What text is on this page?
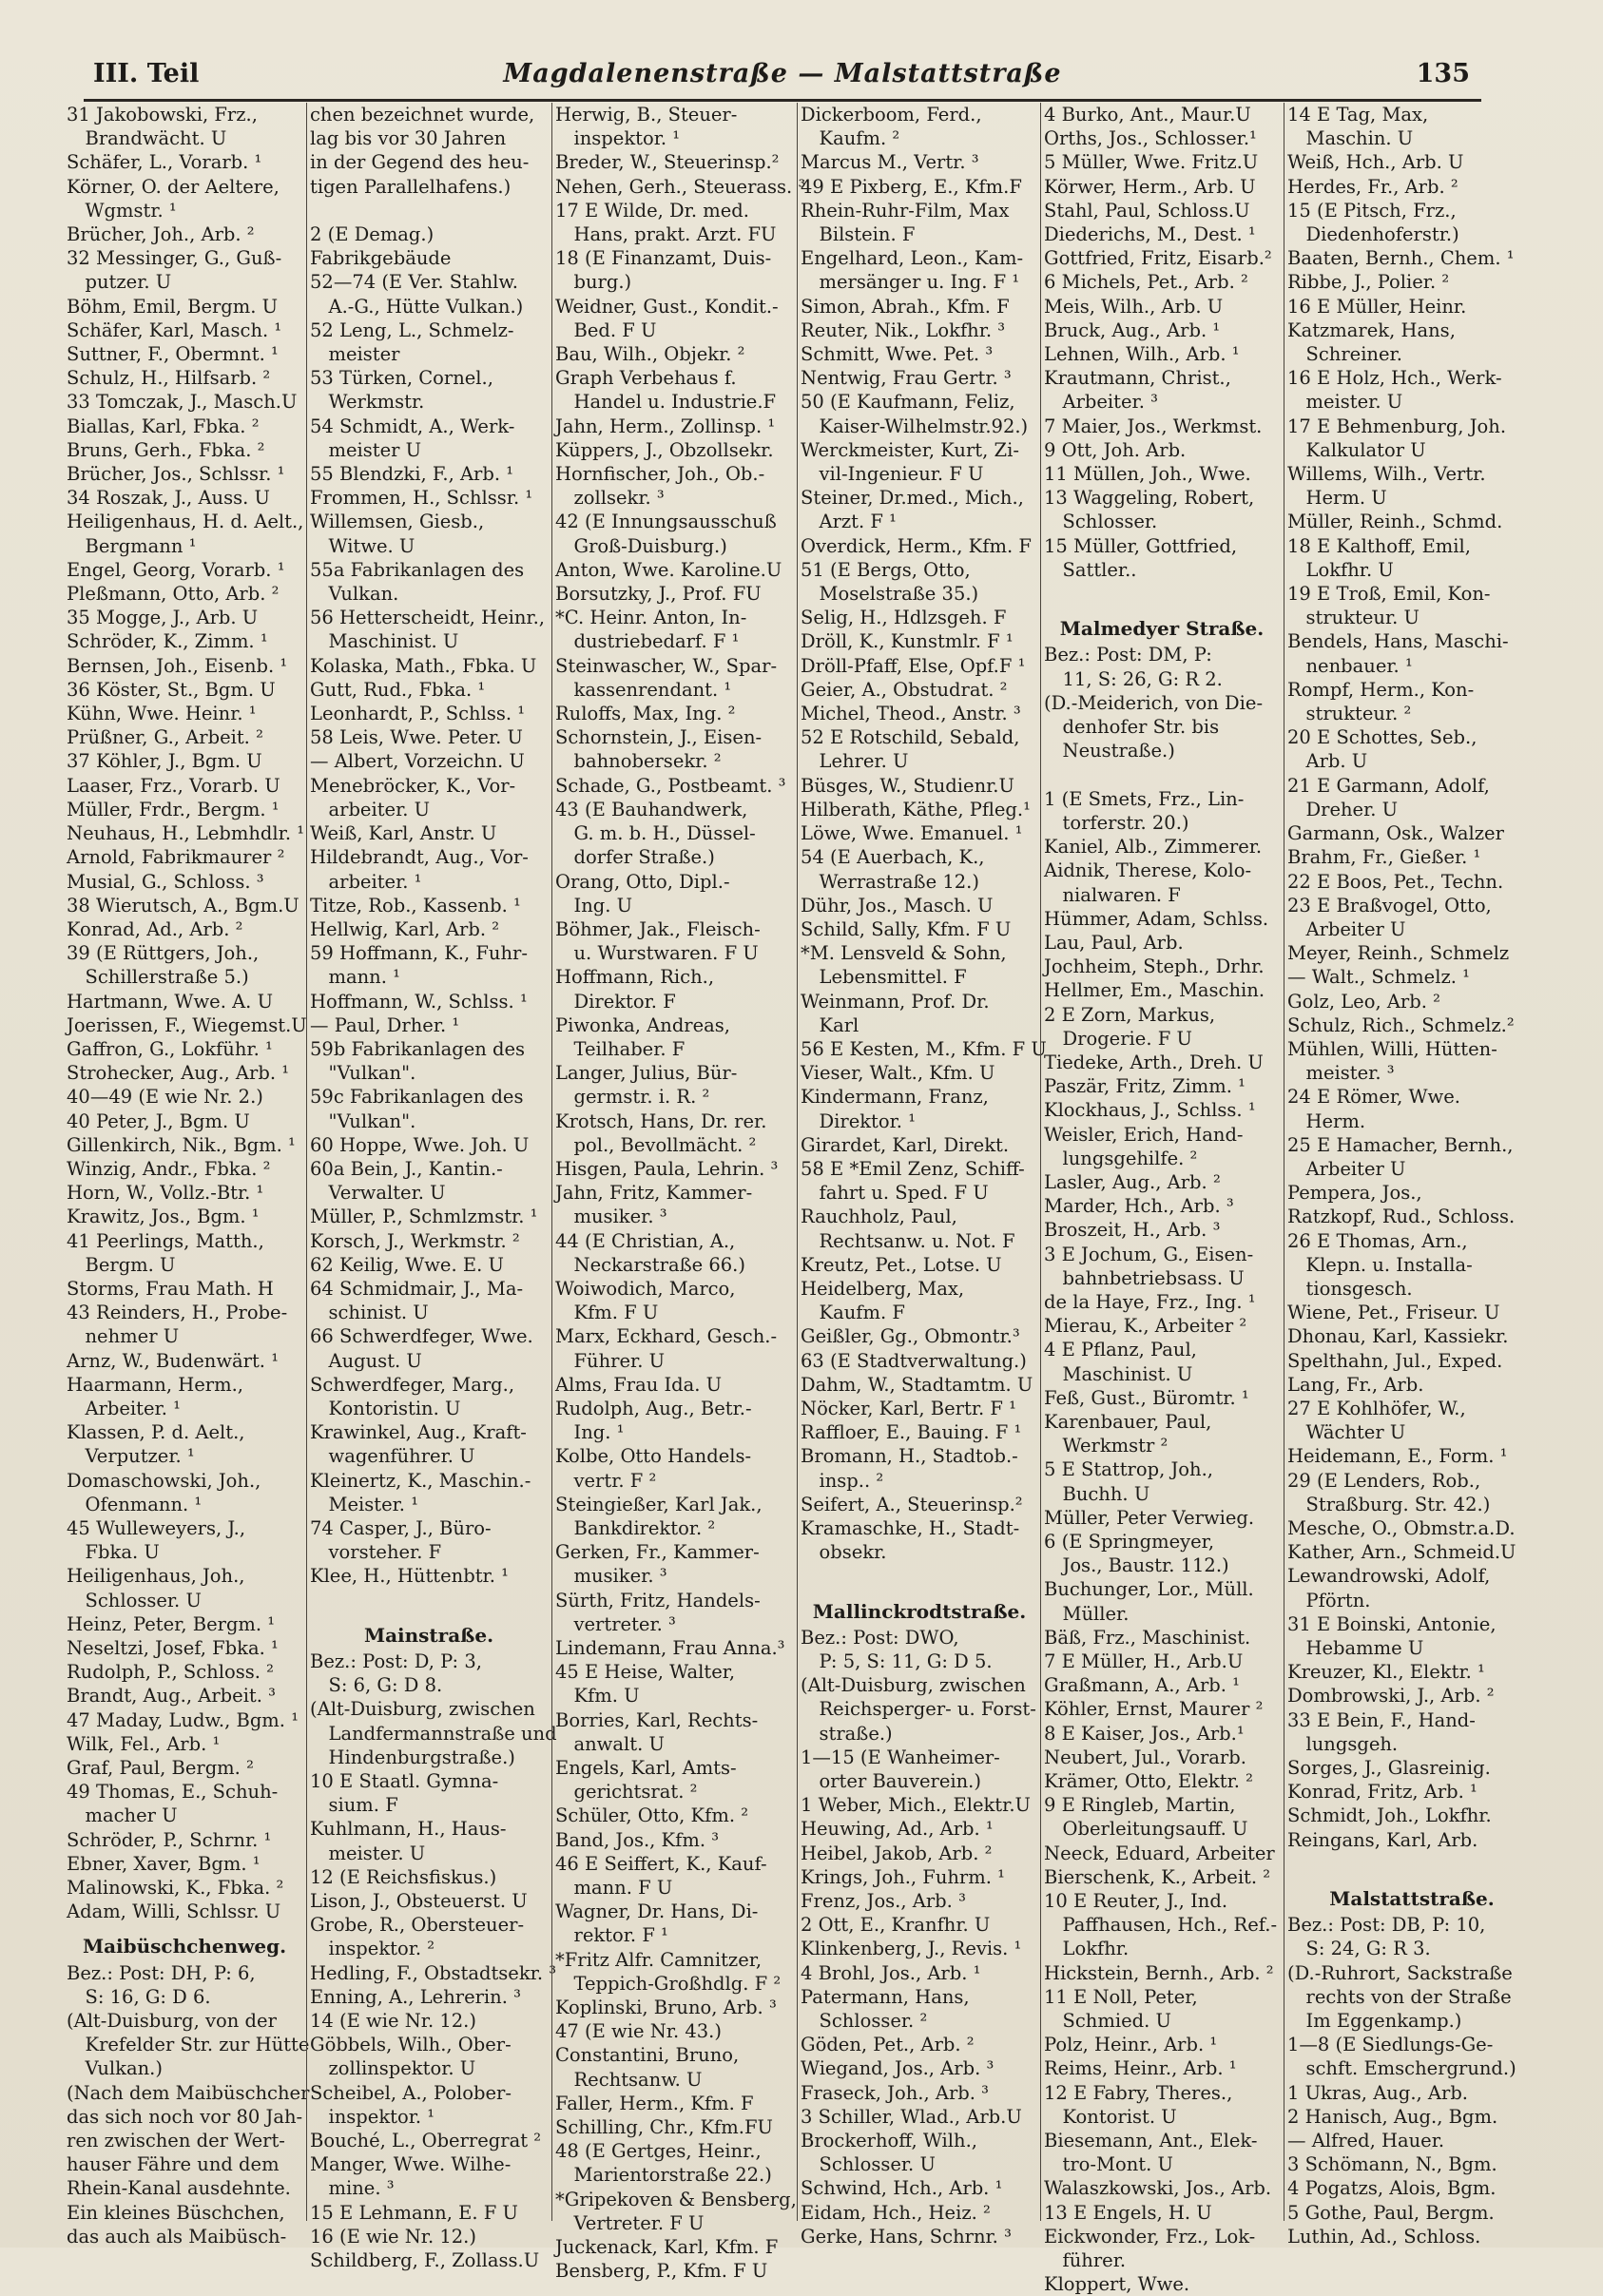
III. Teil	Magdalenenstraße — Malstattstraße	135

31 Jakobowski, Frz.,

 Brandwächt. U

Schäfer, L., Vorarb. ¹

Körner, O. der Aeltere,

 Wgmstr. ¹

Brücher, Joh., Arb. ²

32 Messinger, G., Guß-

 putzer. U

Böhm, Emil, Bergm. U

Schäfer, Karl, Masch. ¹

Suttner, F., Obermnt. ¹

Schulz, H., Hilfsarb. ²

33 Tomczak, J., Masch.U

Biallas, Karl, Fbka. ²

Bruns, Gerh., Fbka. ²

Brücher, Jos., Schlssr. ¹

34 Roszak, J., Auss. U

Heiligenhaus, H. d. Aelt.,

 Bergmann ¹

Engel, Georg, Vorarb. ¹

Pleßmann, Otto, Arb. ²

35 Mogge, J., Arb. U

Schröder, K., Zimm. ¹

Bernsen, Joh., Eisenb. ¹

36 Köster, St., Bgm. U

Kühn, Wwe. Heinr. ¹

Prüßner, G., Arbeit. ²

37 Köhler, J., Bgm. U

Laaser, Frz., Vorarb. U

Müller, Frdr., Bergm. ¹

Neuhaus, H., Lebmhdlr. ¹

Arnold, Fabrikmaurer ²

Musial, G., Schloss. ³

38 Wierutsch, A., Bgm.U

Konrad, Ad., Arb. ²

39 (E Rüttgers, Joh.,

 Schillerstraße 5.)

Hartmann, Wwe. A. U

Joerissen, F., Wiegemst.U

Gaffron, G., Lokführ. ¹

Strohecker, Aug., Arb. ¹

40—49 (E wie Nr. 2.)

40 Peter, J., Bgm. U

Gillenkirch, Nik., Bgm. ¹

Winzig, Andr., Fbka. ²

Horn, W., Vollz.-Btr. ¹

Krawitz, Jos., Bgm. ¹

41 Peerlings, Matth.,

 Bergm. U

Storms, Frau Math. H

43 Reinders, H., Probe-

 nehmer U

Arnz, W., Budenwärt. ¹

Haarmann, Herm.,

 Arbeiter. ¹

Klassen, P. d. Aelt.,

 Verputzer. ¹

Domaschowski, Joh.,

 Ofenmann. ¹

45 Wulleweyers, J.,

 Fbka. U

Heiligenhaus, Joh.,

 Schlosser. U

Heinz, Peter, Bergm. ¹

Neseltzi, Josef, Fbka. ¹

Rudolph, P., Schloss. ²

Brandt, Aug., Arbeit. ³

47 Maday, Ludw., Bgm. ¹

Wilk, Fel., Arb. ¹

Graf, Paul, Bergm. ²

49 Thomas, E., Schuh-

 macher U

Schröder, P., Schrnr. ¹

Ebner, Xaver, Bgm. ¹

Malinowski, K., Fbka. ²

Adam, Willi, Schlssr. U

Maibüschchenweg.

Bez.: Post: DH, P: 6,

 S: 16, G: D 6.

(Alt-Duisburg, von der

 Krefelder Str. zur Hütte

 Vulkan.)

(Nach dem Maibüschcher

das sich noch vor 80 Jah-

ren zwischen der Wert-

hauser Fähre und dem

Rhein-Kanal ausdehnte.

Ein kleines Büschchen,

das auch als Maibüsch-

chen bezeichnet wurde,

lag bis vor 30 Jahren

in der Gegend des heu-

tigen Parallelhafens.)

2 (E Demag.)

Fabrikgebäude

52—74 (E Ver. Stahlw.

 A.-G., Hütte Vulkan.)

52 Leng, L., Schmelz-

 meister

53 Türken, Cornel.,

 Werkmstr.

54 Schmidt, A., Werk-

 meister U

55 Blendzki, F., Arb. ¹

Frommen, H., Schlssr. ¹

Willemsen, Giesb.,

 Witwe. U

55a Fabrikanlagen des

 Vulkan.

56 Hetterscheidt, Heinr.,

 Maschinist. U

Kolaska, Math., Fbka. U

Gutt, Rud., Fbka. ¹

Leonhardt, P., Schlss. ¹

58 Leis, Wwe. Peter. U

— Albert, Vorzeichn. U

Menebröcker, K., Vor-

 arbeiter. U

Weiß, Karl, Anstr. U

Hildebrandt, Aug., Vor-

 arbeiter. ¹

Titze, Rob., Kassenb. ¹

Hellwig, Karl, Arb. ²

59 Hoffmann, K., Fuhr-

 mann. ¹

Hoffmann, W., Schlss. ¹

— Paul, Drher. ¹

59b Fabrikanlagen des

 "Vulkan".

59c Fabrikanlagen des

 "Vulkan".

60 Hoppe, Wwe. Joh. U

60a Bein, J., Kantin.-

 Verwalter. U

Müller, P., Schmlzmstr. ¹

Korsch, J., Werkmstr. ²

62 Keilig, Wwe. E. U

64 Schmidmair, J., Ma-

 schinist. U

66 Schwerdfeger, Wwe.

 August. U

Schwerdfeger, Marg.,

 Kontoristin. U

Krawinkel, Aug., Kraft-

 wagenführer. U

Kleinertz, K., Maschin.-

 Meister. ¹

74 Casper, J., Büro-

 vorsteher. F

Klee, H., Hüttenbtr. ¹

Mainstraße.

Bez.: Post: D, P: 3,

 S: 6, G: D 8.

(Alt-Duisburg, zwischen

 Landfermannstraße und

 Hindenburgstraße.)

10 E Staatl. Gymna-

 sium. F

Kuhlmann, H., Haus-

 meister. U

12 (E Reichsfiskus.)

Lison, J., Obsteuerst. U

Grobe, R., Obersteuer-

 inspektor. ²

Hedling, F., Obstadtsekr. ³

Enning, A., Lehrerin. ³

14 (E wie Nr. 12.)

Göbbels, Wilh., Ober-

 zollinspektor. U

Scheibel, A., Polober-

 inspektor. ¹

Bouché, L., Oberregrat ²

Manger, Wwe. Wilhe-

 mine. ³

15 E Lehmann, E. F U

16 (E wie Nr. 12.)

Schildberg, F., Zollass.U

Herwig, B., Steuer-

 inspektor. ¹

Breder, W., Steuerinsp.²

Nehen, Gerh., Steuerass. ³

17 E Wilde, Dr. med.

 Hans, prakt. Arzt. FU

18 (E Finanzamt, Duis-

 burg.)

Weidner, Gust., Kondit.-

 Bed. F U

Bau, Wilh., Objekr. ²

Graph Verbehaus f.

 Handel u. Industrie.F

Jahn, Herm., Zollinsp. ¹

Küppers, J., Obzollsekr.

Hornfischer, Joh., Ob.-

 zollsekr. ³

42 (E Innungsausschuß

 Groß-Duisburg.)

Anton, Wwe. Karoline.U

Borsutzky, J., Prof. FU

*C. Heinr. Anton, In-

 dustriebedarf. F ¹

Steinwascher, W., Spar-

 kassenrendant. ¹

Ruloffs, Max, Ing. ²

Schornstein, J., Eisen-

 bahnobersekr. ²

Schade, G., Postbeamt. ³

43 (E Bauhandwerk,

 G. m. b. H., Düssel-

 dorfer Straße.)

Orang, Otto, Dipl.-

 Ing. U

Böhmer, Jak., Fleisch-

 u. Wurstwaren. F U

Hoffmann, Rich.,

 Direktor. F

Piwonka, Andreas,

 Teilhaber. F

Langer, Julius, Bür-

 germstr. i. R. ²

Krotsch, Hans, Dr. rer.

 pol., Bevollmächt. ²

Hisgen, Paula, Lehrin. ³

Jahn, Fritz, Kammer-

 musiker. ³

44 (E Christian, A.,

 Neckarstraße 66.)

Woiwodich, Marco,

 Kfm. F U

Marx, Eckhard, Gesch.-

 Führer. U

Alms, Frau Ida. U

Rudolph, Aug., Betr.-

 Ing. ¹

Kolbe, Otto Handels-

 vertr. F ²

Steingießer, Karl Jak.,

 Bankdirektor. ²

Gerken, Fr., Kammer-

 musiker. ³

Sürth, Fritz, Handels-

 vertreter. ³

Lindemann, Frau Anna.³

45 E Heise, Walter,

 Kfm. U

Borries, Karl, Rechts-

 anwalt. U

Engels, Karl, Amts-

 gerichtsrat. ²

Schüler, Otto, Kfm. ²

Band, Jos., Kfm. ³

46 E Seiffert, K., Kauf-

 mann. F U

Wagner, Dr. Hans, Di-

 rektor. F ¹

*Fritz Alfr. Camnitzer,

 Teppich-Großhdlg. F ²

Koplinski, Bruno, Arb. ³

47 (E wie Nr. 43.)

Constantini, Bruno,

 Rechtsanw. U

Faller, Herm., Kfm. F

Schilling, Chr., Kfm.FU

48 (E Gertges, Heinr.,

 Marientorstraße 22.)

*Gripekoven & Bensberg,

 Vertreter. F U

Juckenack, Karl, Kfm. F

Bensberg, P., Kfm. F U

Dickerboom, Ferd.,

 Kaufm. ²

Marcus M., Vertr. ³

49 E Pixberg, E., Kfm.F

Rhein-Ruhr-Film, Max

 Bilstein. F

Engelhard, Leon., Kam-

 mersänger u. Ing. F ¹

Simon, Abrah., Kfm. F

Reuter, Nik., Lokfhr. ³

Schmitt, Wwe. Pet. ³

Nentwig, Frau Gertr. ³

50 (E Kaufmann, Feliz,

 Kaiser-Wilhelmstr.92.)

Werckmeister, Kurt, Zi-

 vil-Ingenieur. F U

Steiner, Dr.med., Mich.,

 Arzt. F ¹

Overdick, Herm., Kfm. F

51 (E Bergs, Otto,

 Moselstraße 35.)

Selig, H., Hdlzsgeh. F

Dröll, K., Kunstmlr. F ¹

Dröll-Pfaff, Else, Opf.F ¹

Geier, A., Obstudrat. ²

Michel, Theod., Anstr. ³

52 E Rotschild, Sebald,

 Lehrer. U

Büsges, W., Studienr.U

Hilberath, Käthe, Pfleg.¹

Löwe, Wwe. Emanuel. ¹

54 (E Auerbach, K.,

 Werrastraße 12.)

Dühr, Jos., Masch. U

Schild, Sally, Kfm. F U

*M. Lensveld & Sohn,

 Lebensmittel. F

Weinmann, Prof. Dr.

 Karl

56 E Kesten, M., Kfm. F U

Vieser, Walt., Kfm. U

Kindermann, Franz,

 Direktor. ¹

Girardet, Karl, Direkt.

58 E *Emil Zenz, Schiff-

 fahrt u. Sped. F U

Rauchholz, Paul,

 Rechtsanw. u. Not. F

Kreutz, Pet., Lotse. U

Heidelberg, Max,

 Kaufm. F

Geißler, Gg., Obmontr.³

63 (E Stadtverwaltung.)

Dahm, W., Stadtamtm. U

Nöcker, Karl, Bertr. F ¹

Raffloer, E., Bauing. F ¹

Bromann, H., Stadtob.-

 insp.. ²

Seifert, A., Steuerinsp.²

Kramaschke, H., Stadt-

 obsekr.

Mallinckrodtstraße.

Bez.: Post: DWO,

 P: 5, S: 11, G: D 5.

(Alt-Duisburg, zwischen

 Reichsperger- u. Forst-

 straße.)

1—15 (E Wanheimer-

 orter Bauverein.)

1 Weber, Mich., Elektr.U

Heuwing, Ad., Arb. ¹

Heibel, Jakob, Arb. ²

Krings, Joh., Fuhrm. ¹

Frenz, Jos., Arb. ³

2 Ott, E., Kranfhr. U

Klinkenberg, J., Revis. ¹

4 Brohl, Jos., Arb. ¹

Patermann, Hans,

 Schlosser. ²

Göden, Pet., Arb. ²

Wiegand, Jos., Arb. ³

Fraseck, Joh., Arb. ³

3 Schiller, Wlad., Arb.U

Brockerhoff, Wilh.,

 Schlosser. U

Schwind, Hch., Arb. ¹

Eidam, Hch., Heiz. ²

Gerke, Hans, Schrnr. ³

4 Burko, Ant., Maur.U

Orths, Jos., Schlosser.¹

5 Müller, Wwe. Fritz.U

Körwer, Herm., Arb. U

Stahl, Paul, Schloss.U

Diederichs, M., Dest. ¹

Gottfried, Fritz, Eisarb.²

6 Michels, Pet., Arb. ²

Meis, Wilh., Arb. U

Bruck, Aug., Arb. ¹

Lehnen, Wilh., Arb. ¹

Krautmann, Christ.,

 Arbeiter. ³

7 Maier, Jos., Werkmst.

9 Ott, Joh. Arb.

11 Müllen, Joh., Wwe.

13 Waggeling, Robert,

 Schlosser.

15 Müller, Gottfried,

 Sattler..

Malmedyer Straße.

Bez.: Post: DM, P:

 11, S: 26, G: R 2.

(D.-Meiderich, von Die-

 denhofer Str. bis

 Neustraße.)

1 (E Smets, Frz., Lin-

 torferstr. 20.)

Kaniel, Alb., Zimmerer.

Aidnik, Therese, Kolo-

 nialwaren. F

Hümmer, Adam, Schlss.

Lau, Paul, Arb.

Jochheim, Steph., Drhr.

Hellmer, Em., Maschin.

2 E Zorn, Markus,

 Drogerie. F U

Tiedeke, Arth., Dreh. U

Paszär, Fritz, Zimm. ¹

Klockhaus, J., Schlss. ¹

Weisler, Erich, Hand-

 lungsgehilfe. ²

Lasler, Aug., Arb. ²

Marder, Hch., Arb. ³

Broszeit, H., Arb. ³

3 E Jochum, G., Eisen-

 bahnbetriebsass. U

de la Haye, Frz., Ing. ¹

Mierau, K., Arbeiter ²

4 E Pflanz, Paul,

 Maschinist. U

Feß, Gust., Büromtr. ¹

Karenbauer, Paul,

 Werkmstr ²

5 E Stattrop, Joh.,

 Buchh. U

Müller, Peter Verwieg.

6 (E Springmeyer,

 Jos., Baustr. 112.)

Buchunger, Lor., Müll.

 Müller.

Bäß, Frz., Maschinist.

7 E Müller, H., Arb.U

Graßmann, A., Arb. ¹

Köhler, Ernst, Maurer ²

8 E Kaiser, Jos., Arb.¹

Neubert, Jul., Vorarb.

Krämer, Otto, Elektr. ²

9 E Ringleb, Martin,

 Oberleitungsauff. U

Neeck, Eduard, Arbeiter

Bierschenk, K., Arbeit. ²

10 E Reuter, J., Ind.

 Paffhausen, Hch., Ref.-

 Lokfhr.

Hickstein, Bernh., Arb. ²

11 E Noll, Peter,

 Schmied. U

Polz, Heinr., Arb. ¹

Reims, Heinr., Arb. ¹

12 E Fabry, Theres.,

 Kontorist. U

Biesemann, Ant., Elek-

 tro-Mont. U

Walaszkowski, Jos., Arb.

13 E Engels, H. U

Eickwonder, Frz., Lok-

 führer.

Kloppert, Wwe.

14 E Tag, Max,

 Maschin. U

Weiß, Hch., Arb. U

Herdes, Fr., Arb. ²

15 (E Pitsch, Frz.,

 Diedenhoferstr.)

Baaten, Bernh., Chem. ¹

Ribbe, J., Polier. ²

16 E Müller, Heinr.

Katzmarek, Hans,

 Schreiner.

16 E Holz, Hch., Werk-

 meister. U

17 E Behmenburg, Joh.

 Kalkulator U

Willems, Wilh., Vertr.

 Herm. U

Müller, Reinh., Schmd.

18 E Kalthoff, Emil,

 Lokfhr. U

19 E Troß, Emil, Kon-

 strukteur. U

Bendels, Hans, Maschi-

 nenbauer. ¹

Rompf, Herm., Kon-

 strukteur. ²

20 E Schottes, Seb.,

 Arb. U

21 E Garmann, Adolf,

 Dreher. U

Garmann, Osk., Walzer

Brahm, Fr., Gießer. ¹

22 E Boos, Pet., Techn.

23 E Braßvogel, Otto,

 Arbeiter U

Meyer, Reinh., Schmelz

— Walt., Schmelz. ¹

Golz, Leo, Arb. ²

Schulz, Rich., Schmelz.²

Mühlen, Willi, Hütten-

 meister. ³

24 E Römer, Wwe.

 Herm.

25 E Hamacher, Bernh.,

 Arbeiter U

Pempera, Jos.,

Ratzkopf, Rud., Schloss.

26 E Thomas, Arn.,

 Klepn. u. Installa-

 tionsgesch.

Wiene, Pet., Friseur. U

Dhonau, Karl, Kassiekr.

Spelthahn, Jul., Exped.

Lang, Fr., Arb.

27 E Kohlhöfer, W.,

 Wächter U

Heidemann, E., Form. ¹

29 (E Lenders, Rob.,

 Straßburg. Str. 42.)

Mesche, O., Obmstr.a.D.

Kather, Arn., Schmeid.U

Lewandrowski, Adolf,

 Pförtn.

31 E Boinski, Antonie,

 Hebamme U

Kreuzer, Kl., Elektr. ¹

Dombrowski, J., Arb. ²

33 E Bein, F., Hand-

 lungsgeh.

Sorges, J., Glasreinig.

Konrad, Fritz, Arb. ¹

Schmidt, Joh., Lokfhr.

Reingans, Karl, Arb.

Malstattstraße.

Bez.: Post: DB, P: 10,

 S: 24, G: R 3.

(D.-Ruhrort, Sackstraße

 rechts von der Straße

 Im Eggenkamp.)

1—8 (E Siedlungs-Ge-

 schft. Emschergrund.)

1 Ukras, Aug., Arb.

2 Hanisch, Aug., Bgm.

— Alfred, Hauer.

3 Schömann, N., Bgm.

4 Pogatzs, Alois, Bgm.

5 Gothe, Paul, Bergm.

Luthin, Ad., Schloss.
